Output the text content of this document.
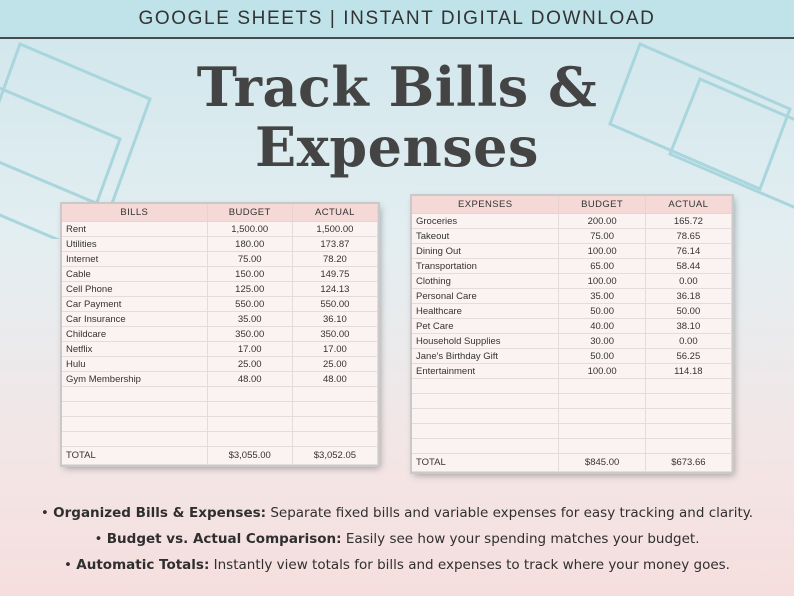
GOOGLE SHEETS | INSTANT DIGITAL DOWNLOAD
Track Bills &
Expenses
BILLS	BUDGET	ACTUAL
Rent	1,500.00	1,500.00
Utilities	180.00	173.87
Internet	75.00	78.20
Cable	150.00	149.75
Cell Phone	125.00	124.13
Car Payment	550.00	550.00
Car Insurance	35.00	36.10
Childcare	350.00	350.00
Netflix	17.00	17.00
Hulu	25.00	25.00
Gym Membership	48.00	48.00

TOTAL	$3,055.00	$3,052.05
EXPENSES	BUDGET	ACTUAL
Groceries	200.00	165.72
Takeout	75.00	78.65
Dining Out	100.00	76.14
Transportation	65.00	58.44
Clothing	100.00	0.00
Personal Care	35.00	36.18
Healthcare	50.00	50.00
Pet Care	40.00	38.10
Household Supplies	30.00	0.00
Jane's Birthday Gift	50.00	56.25
Entertainment	100.00	114.18

TOTAL	$845.00	$673.66
• Organized Bills & Expenses: Separate fixed bills and variable expenses for easy tracking and clarity.
• Budget vs. Actual Comparison: Easily see how your spending matches your budget.
• Automatic Totals: Instantly view totals for bills and expenses to track where your money goes.
